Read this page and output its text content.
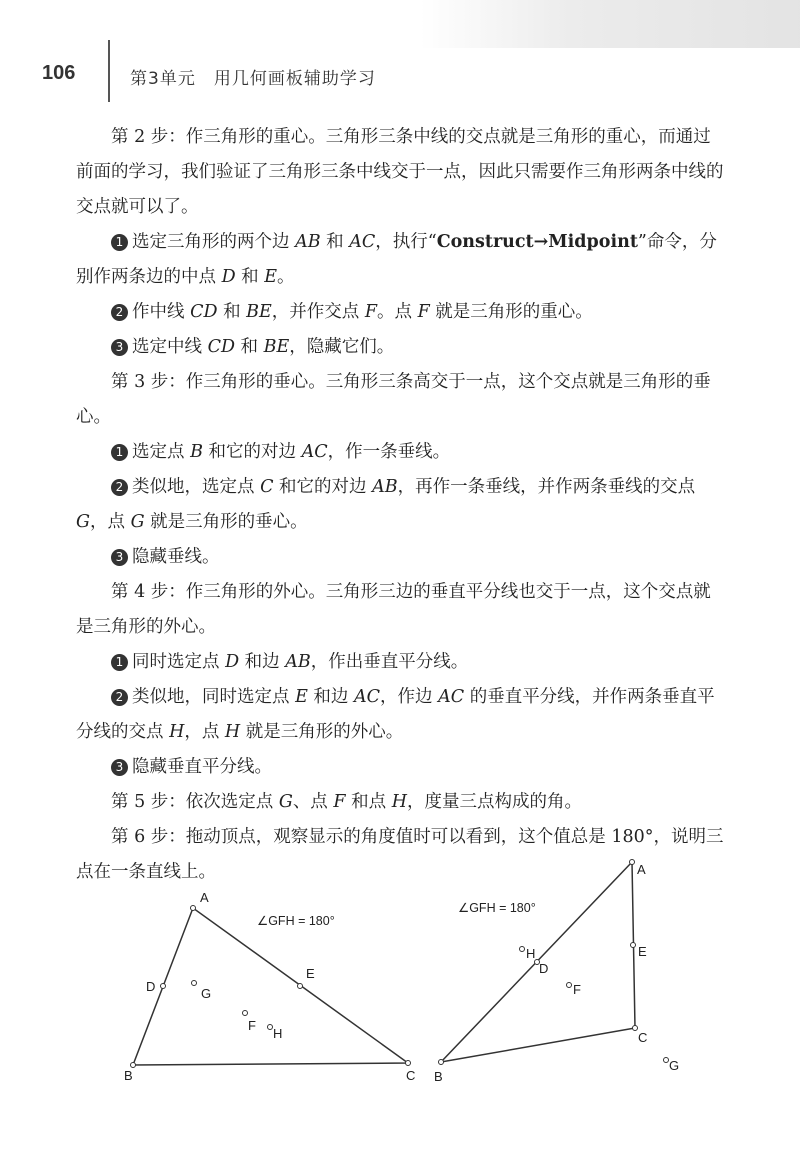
106	第3单元　用几何画板辅助学习

第 2 步：作三角形的重心。三角形三条中线的交点就是三角形的重心，而通过前面的学习，我们验证了三角形三条中线交于一点，因此只需要作三角形两条中线的交点就可以了。

1 选定三角形的两个边 AB 和 AC，执行“Construct→Midpoint”命令，分别作两条边的中点 D 和 E。

2 作中线 CD 和 BE，并作交点 F。点 F 就是三角形的重心。

3 选定中线 CD 和 BE，隐藏它们。

第 3 步：作三角形的垂心。三角形三条高交于一点，这个交点就是三角形的垂心。

1 选定点 B 和它的对边 AC，作一条垂线。

2 类似地，选定点 C 和它的对边 AB，再作一条垂线，并作两条垂线的交点 G，点 G 就是三角形的垂心。

3 隐藏垂线。

第 4 步：作三角形的外心。三角形三边的垂直平分线也交于一点，这个交点就是三角形的外心。

1 同时选定点 D 和边 AB，作出垂直平分线。

2 类似地，同时选定点 E 和边 AC，作边 AC 的垂直平分线，并作两条垂直平分线的交点 H，点 H 就是三角形的外心。

3 隐藏垂直平分线。

第 5 步：依次选定点 G、点 F 和点 H，度量三点构成的角。

第 6 步：拖动顶点，观察显示的角度值时可以看到，这个值总是 180°，说明三点在一条直线上。

A
B	C
D
E
G
F
H
∠GFH = 180°
A
B
C
D
E
H
F
G
∠GFH = 180°
